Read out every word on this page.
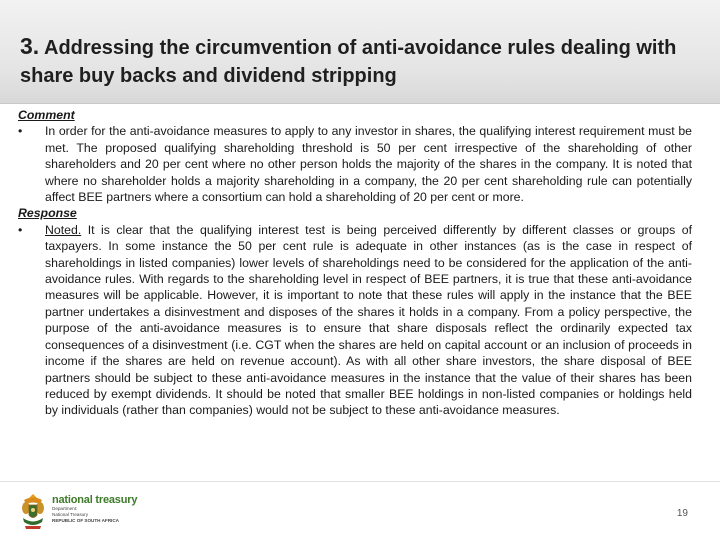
3. Addressing the circumvention of anti-avoidance rules dealing with share buy backs and dividend stripping
Comment
•	In order for the anti-avoidance measures to apply to any investor in shares, the qualifying interest requirement must be met. The proposed qualifying shareholding threshold is 50 per cent irrespective of the shareholding of other shareholders and 20 per cent where no other person holds the majority of the shares in the company. It is noted that where no shareholder holds a majority shareholding in a company, the 20 per cent shareholding rule can potentially affect BEE partners where a consortium can hold a shareholding of 20 per cent or more.
Response
•	Noted. It is clear that the qualifying interest test is being perceived differently by different classes or groups of taxpayers. In some instance the 50 per cent rule is adequate in other instances (as is the case in respect of shareholdings in listed companies) lower levels of shareholdings need to be considered for the application of the anti-avoidance rules. With regards to the shareholding level in respect of BEE partners, it is true that these anti-avoidance measures will be applicable. However, it is important to note that these rules will apply in the instance that the BEE partner undertakes a disinvestment and disposes of the shares it holds in a company. From a policy perspective, the purpose of the anti-avoidance measures is to ensure that share disposals reflect the ordinarily expected tax consequences of a disinvestment (i.e. CGT when the shares are held on capital account or an inclusion of proceeds in income if the shares are held on revenue account). As with all other share investors, the share disposal of BEE partners should be subject to these anti-avoidance measures in the instance that the value of their shares has been reduced by exempt dividends. It should be noted that smaller BEE holdings in non-listed companies or holdings held by individuals (rather than companies) would not be subject to these anti-avoidance measures.
national treasury
Department:
National Treasury
REPUBLIC OF SOUTH AFRICA
19
